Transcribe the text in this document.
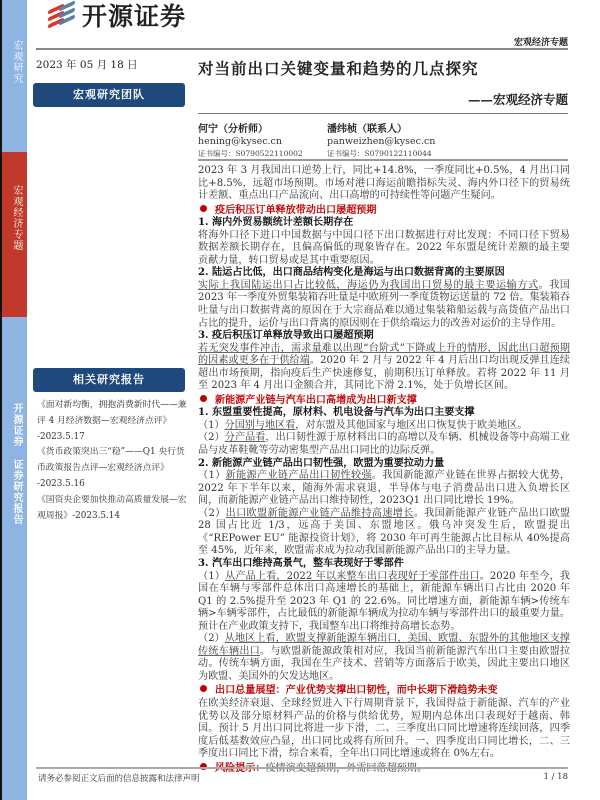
宏观研究
宏观经济专题
开源证券 证券研究报告
开源证券
宏观经济专题
2023 年 05 月 18 日
宏观研究团队
对当前出口关键变量和趋势的几点探究
——宏观经济专题
何宁（分析师）
hening@kysec.cn
证书编号：S0790522110002
潘纬桢（联系人）
panweizhen@kysec.cn
证书编号：S0790122110044
2023 年 3 月我国出口逆势上行，同比+14.8%，一季度同比+0.5%，4 月出口同比+8.5%，远超市场预期。市场对港口海运前瞻指标失灵、海内外口径下的贸易统计差额、重点出口产品流向、出口高增的可持续性等问题产生疑问。
疫后积压订单释放带动出口屡超预期
1. 海内外贸易额统计差额长期存在
将海外口径下进口中国数据与中国口径下出口数据进行对比发现：不同口径下贸易数据差额长期存在，且偏高偏低的现象皆存在。2022 年东盟是统计差额的最主要贡献力量，转口贸易或是其中重要原因。
2. 陆运占比低，出口商品结构变化是海运与出口数据背离的主要原因
实际上我国陆运出口占比较低，海运仍为我国出口贸易的最主要运输方式。我国 2023 年一季度外贸集装箱吞吐量是中欧班列一季度货物运送量的 72 倍。集装箱吞吐量与出口数据背离的原因在于大宗商品难以通过集装箱船运载与高货值产品出口占比的提升，运价与出口背离的原因则在于供给端运力的改善对运价的主导作用。
3. 疫后积压订单释放导致出口屡超预期
若无突发事件冲击，需求量难以出现“台阶式”下降或上升的情形，因此出口超预期的因素或更多在于供给端。2020 年 2 月与 2022 年 4 月后出口均出现反弹且连续超出市场预期，指向疫后生产快速修复，前期积压订单释放。若将 2022 年 11 月至 2023 年 4 月出口金额合并，其同比下滑 2.1%，处于负增长区间。
新能源产业链与汽车出口高增成为出口新支撑
1. 东盟重要性提高，原材料、机电设备与汽车为出口主要支撑
（1）分国别与地区看，对东盟及其他国家与地区出口恢复快于欧美地区。
（2）分产品看，出口韧性源于原材料出口的高增以及车辆、机械设备等中高端工业品与皮革鞋靴等劳动密集型产品出口同比的边际反弹。
2. 新能源产业链产品出口韧性强，欧盟为重要拉动力量
（1）新能源产业链产品出口韧性较强。我国新能源产业链在世界占据较大优势，2022 年下半年以来，随海外需求衰退，半导体与电子消费品出口进入负增长区间，而新能源产业链产品出口维持韧性，2023Q1 出口同比增长 19%。
（2）出口欧盟新能源产业链产品维持高速增长。我国新能源产业链产品出口欧盟28 国占比近 1/3，远高于美国、东盟地区。俄乌冲突发生后，欧盟提出《“REPower EU” 能源投资计划》，将 2030 年可再生能源占比目标从 40%提高至 45%，近年来，欧盟需求成为拉动我国新能源产品出口的主导力量。
3. 汽车出口维持高景气，整车表现好于零部件
（1）从产品上看，2022 年以来整车出口表现好于零部件出口。2020 年至今，我国在车辆与零部件总体出口高速增长的基础上，新能源车辆出口占比由 2020 年 Q1 的 2.5%提升至 2023 年 Q1 的 22.6%。同比增速方面，新能源车辆>传统车辆>车辆零部件，占比最低的新能源车辆成为拉动车辆与零部件出口的最重要力量。预计在产业政策支持下，我国整车出口将维持高增长态势。
（2）从地区上看，欧盟支撑新能源车辆出口，美国、欧盟、东盟外的其他地区支撑传统车辆出口。与欧盟新能源政策相对应，我国当前新能源汽车出口主要由欧盟拉动。传统车辆方面，我国在生产技术、营销等方面落后于欧美，因此主要出口地区为欧盟、美国外的欠发达地区。
出口总量展望：产业优势支撑出口韧性，而中长期下滑趋势未变
在欧美经济衰退、全球经贸进入下行周期背景下，我国得益于新能源、汽车的产业优势以及部分原材料产品的价格与供给优势，短期内总体出口表现好于越南、韩国。预计 5 月出口同比将进一步下滑，二、三季度出口同比增速将连续回落，四季度后低基数效应凸显，出口同比或将有所回升。一、四季度出口同比增长，二、三季度出口同比下滑，综合来看，全年出口同比增速或将在 0%左右。
相关研究报告
《面对新均衡，拥抱消费新时代——兼评 4 月经济数据—宏观经济点评》
-2023.5.17
《货币政策突出三“稳”——Q1 央行货币政策报告点评—宏观经济点评》
-2023.5.16
《国资央企要加快推动高质量发展—宏观周报》-2023.5.14
请务必参阅正文后面的信息披露和法律声明	1 / 18
